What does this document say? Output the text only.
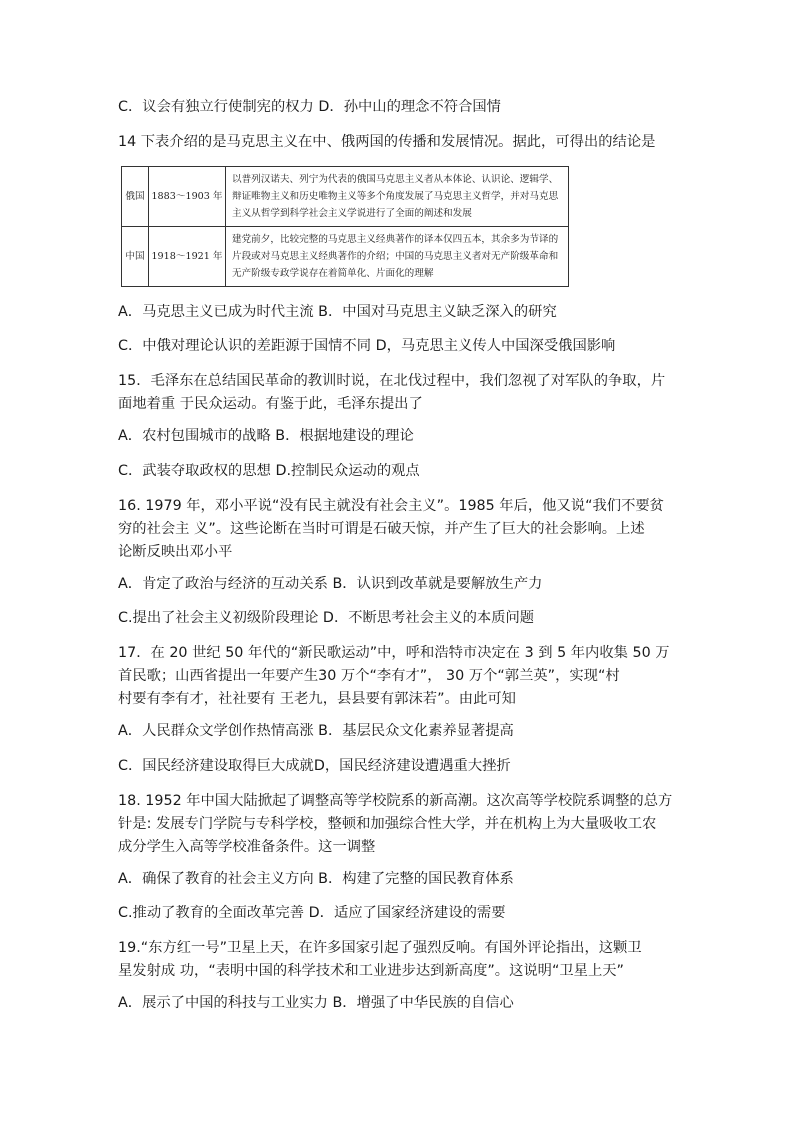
C．议会有独立行使制宪的权力 D．孙中山的理念不符合国情
14 下表介绍的是马克思主义在中、俄两国的传播和发展情况。据此，可得出的结论是
俄国	1883～1903 年	以普列汉诺夫、列宁为代表的俄国马克思主义者从本体论、认识论、逻辑学、辩证唯物主义和历史唯物主义等多个角度发展了马克思主义哲学，并对马克思主义从哲学到科学社会主义学说进行了全面的阐述和发展
中国	1918～1921 年	建党前夕，比较完整的马克思主义经典著作的译本仅四五本，其余多为节译的片段或对马克思主义经典著作的介绍；中国的马克思主义者对无产阶级革命和无产阶级专政学说存在着简单化、片面化的理解
A．马克思主义已成为时代主流 B．中国对马克思主义缺乏深入的研究
C．中俄对理论认识的差距源于国情不同 D，马克思主义传人中国深受俄国影响
15．毛泽东在总结国民革命的教训时说，在北伐过程中，我们忽视了对军队的争取，片
面地着重 于民众运动。有鉴于此，毛泽东提出了
A．农村包围城市的战略 B．根据地建设的理论
C．武装夺取政权的思想 D.控制民众运动的观点
16. 1979 年，邓小平说“没有民主就没有社会主义”。1985 年后，他又说“我们不要贫
穷的社会主 义”。这些论断在当时可谓是石破天惊，并产生了巨大的社会影响。上述
论断反映出邓小平
A．肯定了政治与经济的互动关系 B．认识到改革就是要解放生产力
C.提出了社会主义初级阶段理论 D．不断思考社会主义的本质问题
17．在 20 世纪 50 年代的“新民歌运动”中，呼和浩特市决定在 3 到 5 年内收集 50 万
首民歌；山西省提出一年要产生30 万个“李有才”， 30 万个“郭兰英”，实现“村
村要有李有才，社社要有 王老九，县县要有郭沫若”。由此可知
A．人民群众文学创作热情高涨 B．基层民众文化素养显著提高
C．国民经济建设取得巨大成就D，国民经济建设遭遇重大挫折
18. 1952 年中国大陆掀起了调整高等学校院系的新高潮。这次高等学校院系调整的总方
针是: 发展专门学院与专科学校，整顿和加强综合性大学，并在机构上为大量吸收工农
成分学生入高等学校准备条件。这一调整
A．确保了教育的社会主义方向 B．构建了完整的国民教育体系
C.推动了教育的全面改革完善 D．适应了国家经济建设的需要
19.“东方红一号”卫星上天，在许多国家引起了强烈反响。有国外评论指出，这颗卫
星发射成 功，“表明中国的科学技术和工业进步达到新高度”。这说明“卫星上天”
A．展示了中国的科技与工业实力 B．增强了中华民族的自信心
